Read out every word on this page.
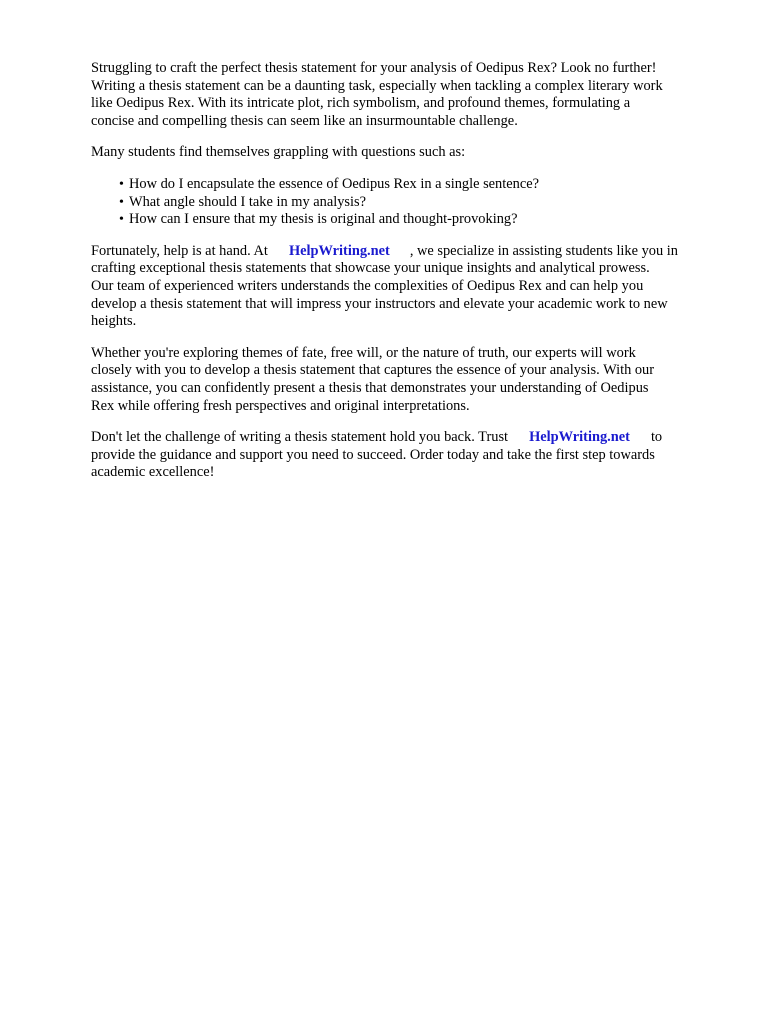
Struggling to craft the perfect thesis statement for your analysis of Oedipus Rex? Look no further!
Writing a thesis statement can be a daunting task, especially when tackling a complex literary work
like Oedipus Rex. With its intricate plot, rich symbolism, and profound themes, formulating a
concise and compelling thesis can seem like an insurmountable challenge.
Many students find themselves grappling with questions such as:
• How do I encapsulate the essence of Oedipus Rex in a single sentence?
• What angle should I take in my analysis?
• How can I ensure that my thesis is original and thought-provoking?
Fortunately, help is at hand. At HelpWriting.net , we specialize in assisting students like you in
crafting exceptional thesis statements that showcase your unique insights and analytical prowess.
Our team of experienced writers understands the complexities of Oedipus Rex and can help you
develop a thesis statement that will impress your instructors and elevate your academic work to new
heights.
Whether you're exploring themes of fate, free will, or the nature of truth, our experts will work
closely with you to develop a thesis statement that captures the essence of your analysis. With our
assistance, you can confidently present a thesis that demonstrates your understanding of Oedipus
Rex while offering fresh perspectives and original interpretations.
Don't let the challenge of writing a thesis statement hold you back. Trust HelpWriting.net to
provide the guidance and support you need to succeed. Order today and take the first step towards
academic excellence!
